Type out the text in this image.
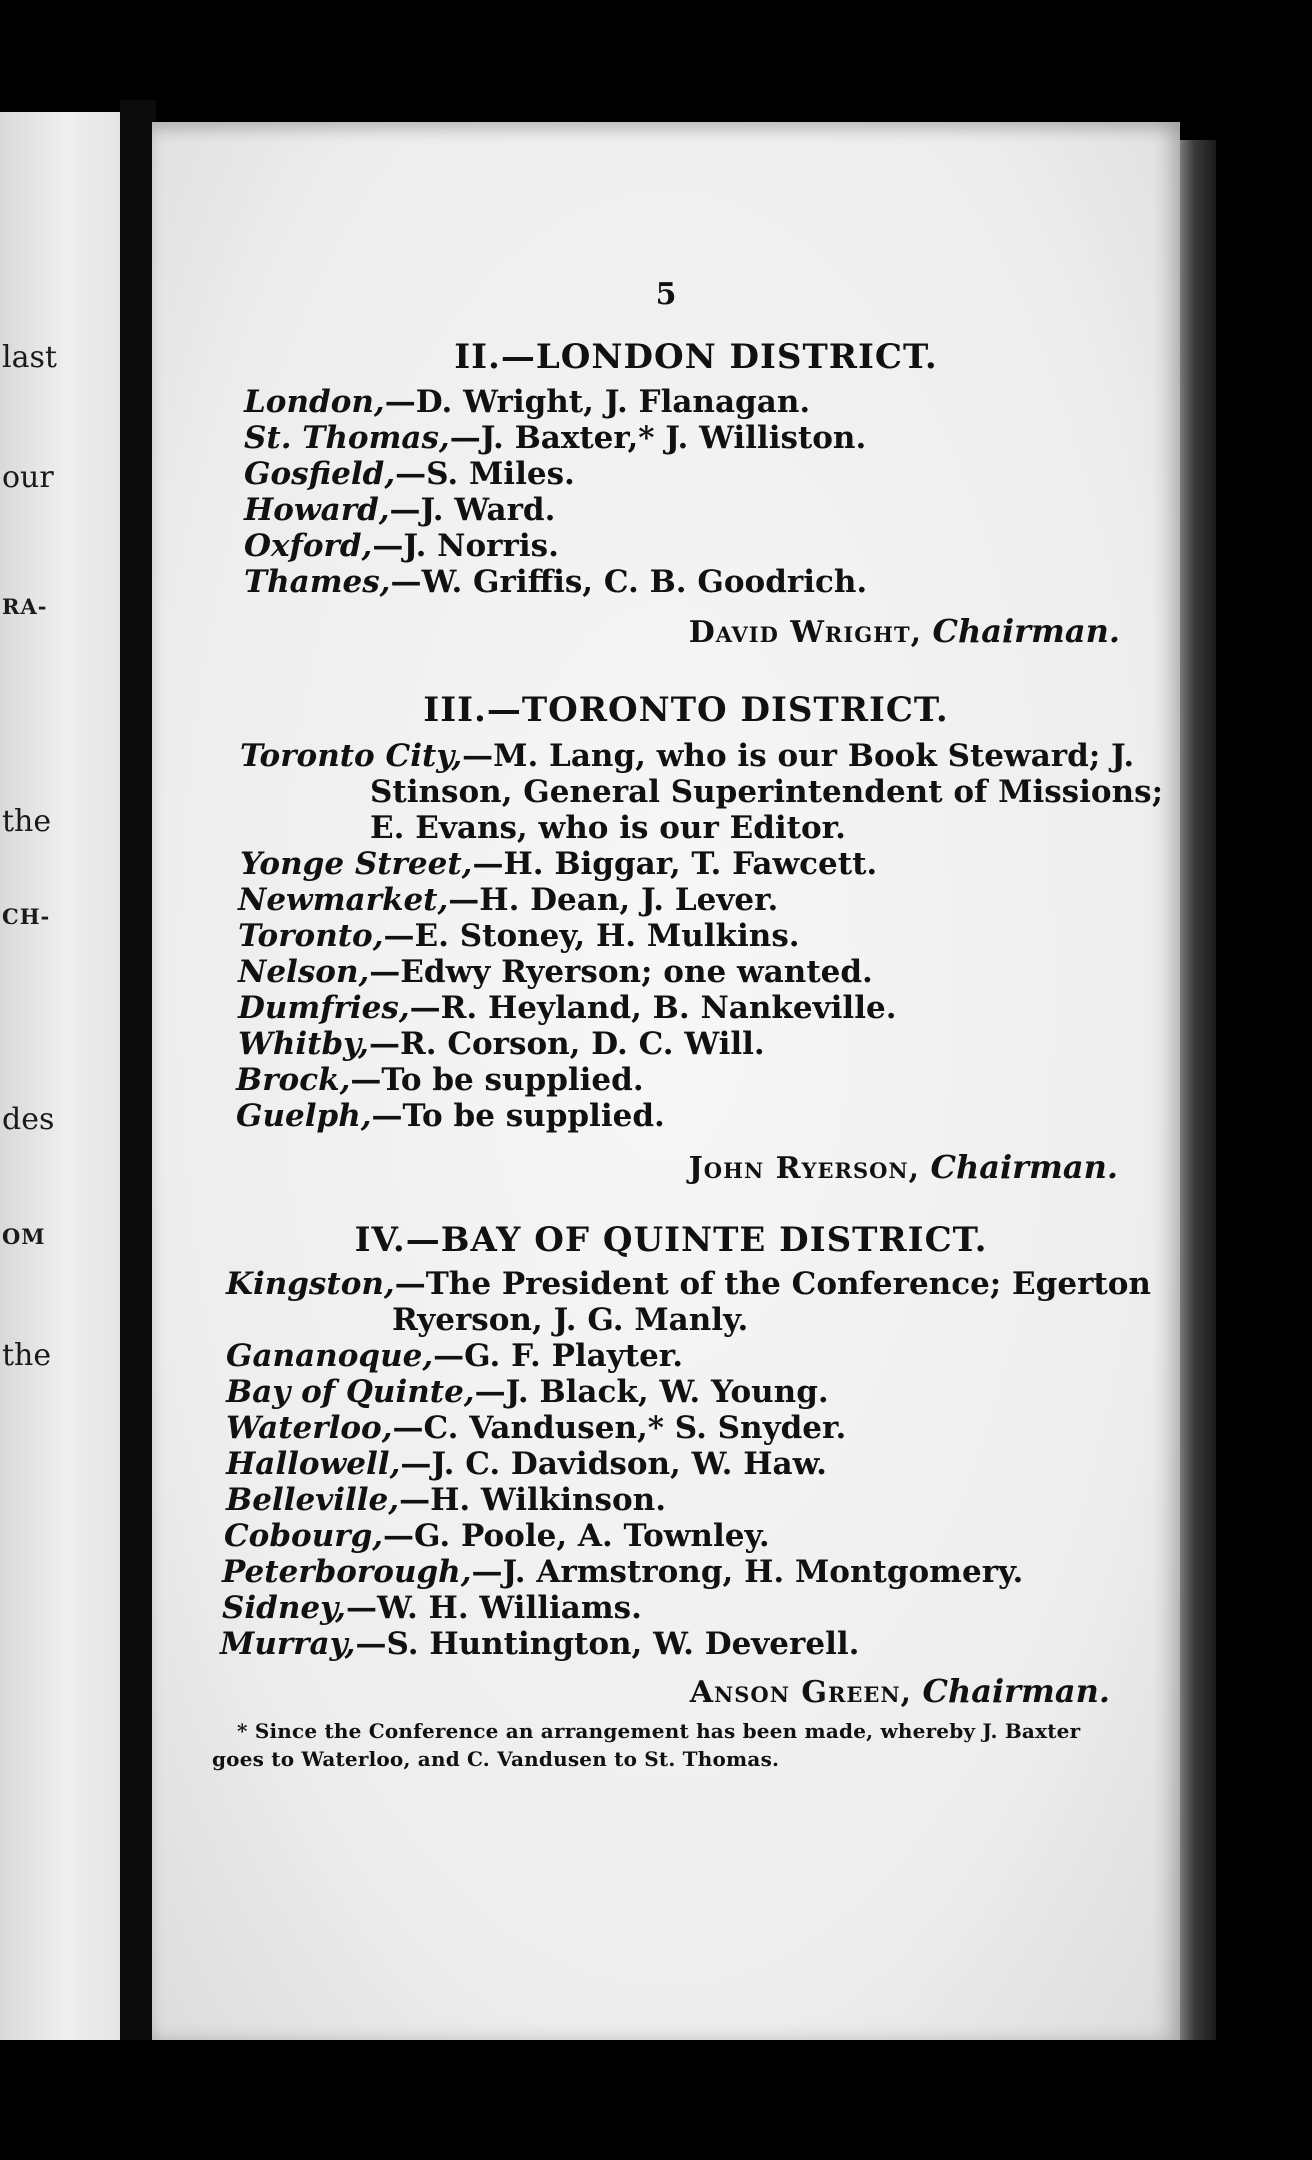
last
our
RA-
the
CH-
des
OM
the
5
II.—LONDON DISTRICT.
London,—D. Wright, J. Flanagan.
St. Thomas,—J. Baxter,* J. Williston.
Gosfield,—S. Miles.
Howard,—J. Ward.
Oxford,—J. Norris.
Thames,—W. Griffis, C. B. Goodrich.
David Wright, Chairman.
III.—TORONTO DISTRICT.
Toronto City,—M. Lang, who is our Book Steward; J.
Stinson, General Superintendent of Missions;
E. Evans, who is our Editor.
Yonge Street,—H. Biggar, T. Fawcett.
Newmarket,—H. Dean, J. Lever.
Toronto,—E. Stoney, H. Mulkins.
Nelson,—Edwy Ryerson; one wanted.
Dumfries,—R. Heyland, B. Nankeville.
Whitby,—R. Corson, D. C. Will.
Brock,—To be supplied.
Guelph,—To be supplied.
John Ryerson, Chairman.
IV.—BAY OF QUINTE DISTRICT.
Kingston,—The President of the Conference; Egerton
Ryerson, J. G. Manly.
Gananoque,—G. F. Playter.
Bay of Quinte,—J. Black, W. Young.
Waterloo,—C. Vandusen,* S. Snyder.
Hallowell,—J. C. Davidson, W. Haw.
Belleville,—H. Wilkinson.
Cobourg,—G. Poole, A. Townley.
Peterborough,—J. Armstrong, H. Montgomery.
Sidney,—W. H. Williams.
Murray,—S. Huntington, W. Deverell.
Anson Green, Chairman.
* Since the Conference an arrangement has been made, whereby J. Baxter
goes to Waterloo, and C. Vandusen to St. Thomas.
